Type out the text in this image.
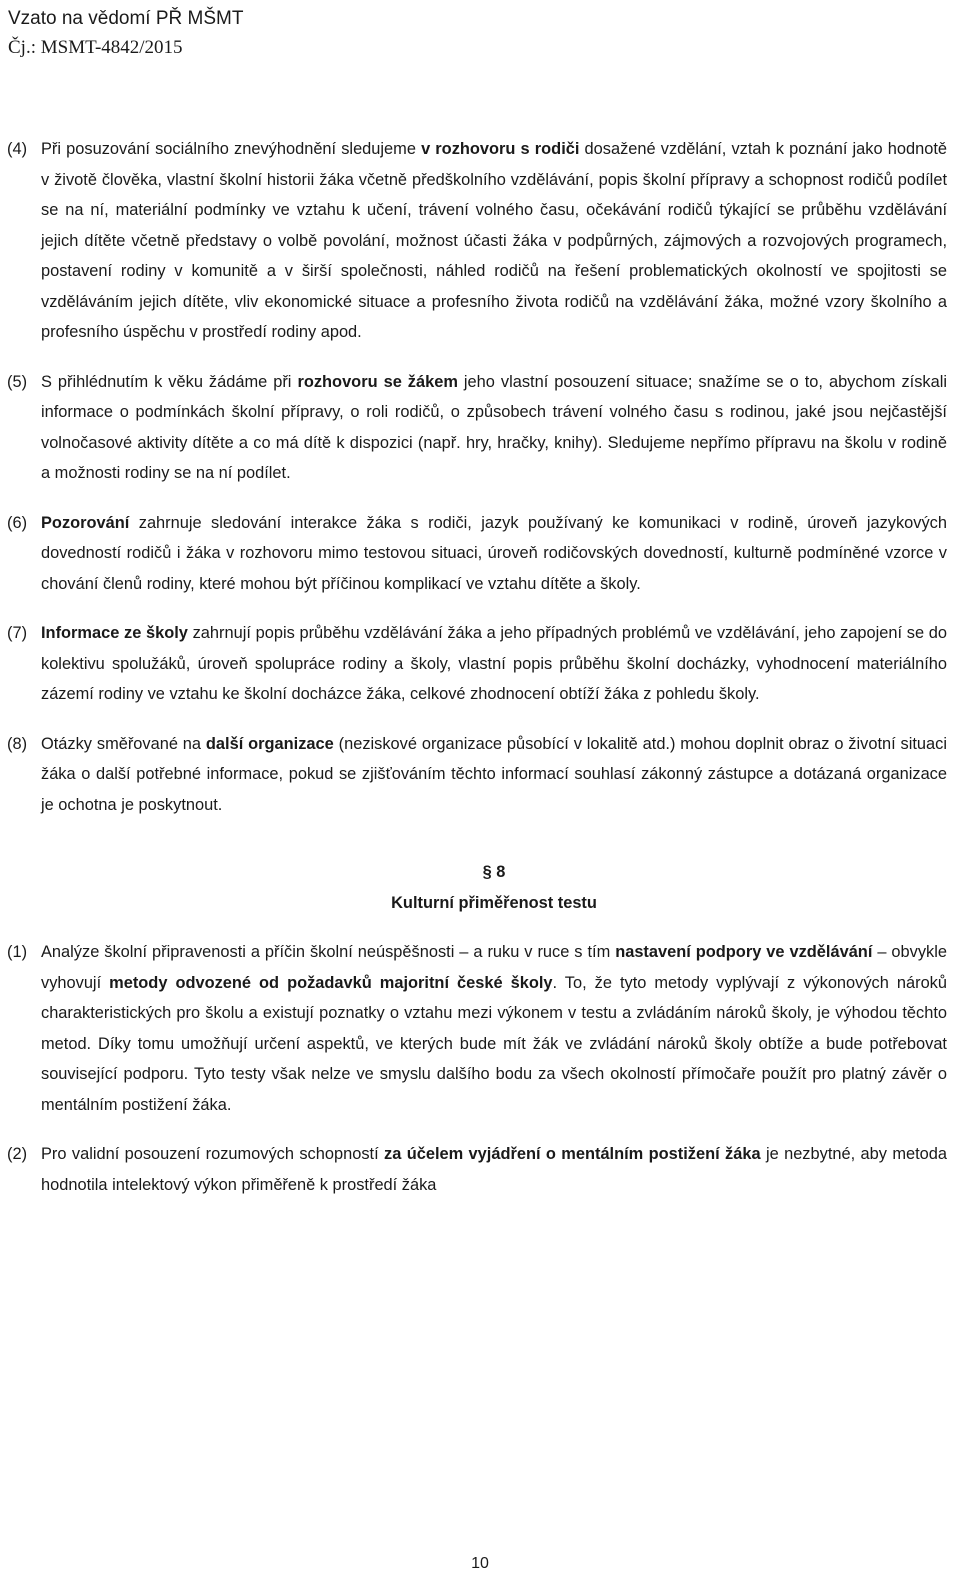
Vzato na vědomí PŘ MŠMT
Čj.: MSMT-4842/2015
(4) Při posuzování sociálního znevýhodnění sledujeme v rozhovoru s rodiči dosažené vzdělání, vztah k poznání jako hodnotě v životě člověka, vlastní školní historii žáka včetně předškolního vzdělávání, popis školní přípravy a schopnost rodičů podílet se na ní, materiální podmínky ve vztahu k učení, trávení volného času, očekávání rodičů týkající se průběhu vzdělávání jejich dítěte včetně představy o volbě povolání, možnost účasti žáka v podpůrných, zájmových a rozvojových programech, postavení rodiny v komunitě a v širší společnosti, náhled rodičů na řešení problematických okolností ve spojitosti se vzděláváním jejich dítěte, vliv ekonomické situace a profesního života rodičů na vzdělávání žáka, možné vzory školního a profesního úspěchu v prostředí rodiny apod.
(5) S přihlédnutím k věku žádáme při rozhovoru se žákem jeho vlastní posouzení situace; snažíme se o to, abychom získali informace o podmínkách školní přípravy, o roli rodičů, o způsobech trávení volného času s rodinou, jaké jsou nejčastější volnočasové aktivity dítěte a co má dítě k dispozici (např. hry, hračky, knihy). Sledujeme nepřímo přípravu na školu v rodině a možnosti rodiny se na ní podílet.
(6) Pozorování zahrnuje sledování interakce žáka s rodiči, jazyk používaný ke komunikaci v rodině, úroveň jazykových dovedností rodičů i žáka v rozhovoru mimo testovou situaci, úroveň rodičovských dovedností, kulturně podmíněné vzorce v chování členů rodiny, které mohou být příčinou komplikací ve vztahu dítěte a školy.
(7) Informace ze školy zahrnují popis průběhu vzdělávání žáka a jeho případných problémů ve vzdělávání, jeho zapojení se do kolektivu spolužáků, úroveň spolupráce rodiny a školy, vlastní popis průběhu školní docházky, vyhodnocení materiálního zázemí rodiny ve vztahu ke školní docházce žáka, celkové zhodnocení obtíží žáka z pohledu školy.
(8) Otázky směřované na další organizace (neziskové organizace působící v lokalitě atd.) mohou doplnit obraz o životní situaci žáka o další potřebné informace, pokud se zjišťováním těchto informací souhlasí zákonný zástupce a dotázaná organizace je ochotna je poskytnout.
§ 8
Kulturní přiměřenost testu
(1) Analýze školní připravenosti a příčin školní neúspěšnosti – a ruku v ruce s tím nastavení podpory ve vzdělávání – obvykle vyhovují metody odvozené od požadavků majoritní české školy. To, že tyto metody vyplývají z výkonových nároků charakteristických pro školu a existují poznatky o vztahu mezi výkonem v testu a zvládáním nároků školy, je výhodou těchto metod. Díky tomu umožňují určení aspektů, ve kterých bude mít žák ve zvládání nároků školy obtíže a bude potřebovat související podporu. Tyto testy však nelze ve smyslu dalšího bodu za všech okolností přímočaře použít pro platný závěr o mentálním postižení žáka.
(2) Pro validní posouzení rozumových schopností za účelem vyjádření o mentálním postižení žáka je nezbytné, aby metoda hodnotila intelektový výkon přiměřeně k prostředí žáka
10
